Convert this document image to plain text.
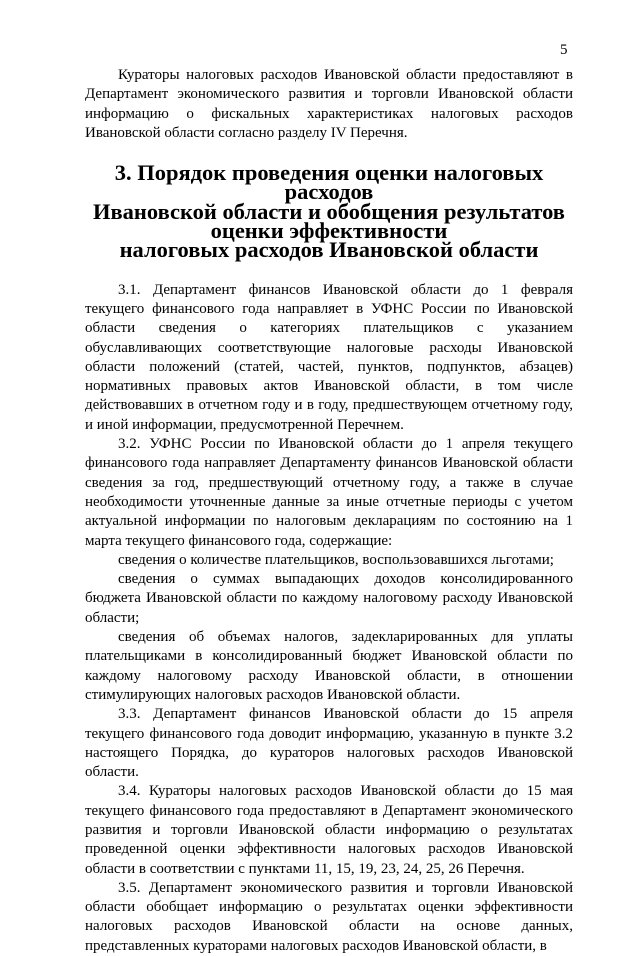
5

Кураторы налоговых расходов Ивановской области предоставляют в Департамент экономического развития и торговли Ивановской области информацию о фискальных характеристиках налоговых расходов Ивановской области согласно разделу IV Перечня.

3. Порядок проведения оценки налоговых расходов
Ивановской области и обобщения результатов оценки эффективности
налоговых расходов Ивановской области

3.1. Департамент финансов Ивановской области до 1 февраля текущего финансового года направляет в УФНС России по Ивановской области сведения о категориях плательщиков с указанием обуславливающих соответствующие налоговые расходы Ивановской области положений (статей, частей, пунктов, подпунктов, абзацев) нормативных правовых актов Ивановской области, в том числе действовавших в отчетном году и в году, предшествующем отчетному году, и иной информации, предусмотренной Перечнем.

3.2. УФНС России по Ивановской области до 1 апреля текущего финансового года направляет Департаменту финансов Ивановской области сведения за год, предшествующий отчетному году, а также в случае необходимости уточненные данные за иные отчетные периоды с учетом актуальной информации по налоговым декларациям по состоянию на 1 марта текущего финансового года, содержащие:

сведения о количестве плательщиков, воспользовавшихся льготами;

сведения о суммах выпадающих доходов консолидированного бюджета Ивановской области по каждому налоговому расходу Ивановской области;

сведения об объемах налогов, задекларированных для уплаты плательщиками в консолидированный бюджет Ивановской области по каждому налоговому расходу Ивановской области, в отношении стимулирующих налоговых расходов Ивановской области.

3.3. Департамент финансов Ивановской области до 15 апреля текущего финансового года доводит информацию, указанную в пункте 3.2 настоящего Порядка, до кураторов налоговых расходов Ивановской области.

3.4. Кураторы налоговых расходов Ивановской области до 15 мая текущего финансового года предоставляют в Департамент экономического развития и торговли Ивановской области информацию о результатах проведенной оценки эффективности налоговых расходов Ивановской области в соответствии с пунктами 11, 15, 19, 23, 24, 25, 26 Перечня.

3.5. Департамент экономического развития и торговли Ивановской области обобщает информацию о результатах оценки эффективности налоговых расходов Ивановской области на основе данных, представленных кураторами налоговых расходов Ивановской области, в
